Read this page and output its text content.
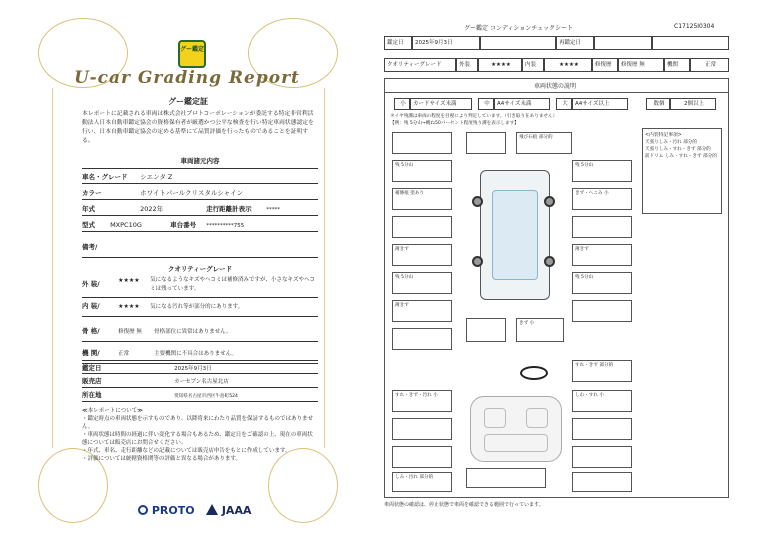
グー鑑定
U-car Grading Report
グー鑑定証
本レポートに記載される車両は株式会社プロトコーポレーションが委託する特定非営利活動法人日本自動車鑑定協会の資格保有者が厳選かつ公平な検査を行い特定車両状態認定を行い、日本自動車鑑定協会の定める基準にて品質評価を行ったものであることを証明する。
車両諸元内容
車名・グレード シエンタ Z
カラー	ホワイトパールクリスタルシャイン
年式	2022年	走行距離計表示	*****
型式 MXPC10G	車台番号 **********755
備考/
クオリティーグレード
外 装/	★★★★ 気になるようなキズやヘコミは補修済みですが、小さなキズやヘコミは残っています。
内 装/	★★★★ 気になる汚れ等が部分的にあります。
骨 格/	修復歴 無 骨格部位に異常はありません。
機 関/	正常	主要機関に不具合はありません。
鑑定日	2025年9月3日
販売店	カーセブン名古屋北店
所在地	愛知県名古屋市西区牛島町524
≪本レポートについて≫
・鑑定時点の車両状態を示すものであり、以降将来にわたり品質を保証するものではありません。
・車両状態は時間の経過に伴い変化する場合もあるため、鑑定日をご確認の上、現在の車両状態については販売店にお問合せください。
・年式、車名、走行距離などの記載については販売店申告をもとに作成しています。
・評価については統轄資格関等の評価と異なる場合があります。
PROTO	JAAA
グー鑑定 コンディションチェックシート	C17125I0304
鑑定日	2025年9月3日	再鑑定日
クオリティーグレード	外装	★★★★	内装	★★★★	修復歴	修復歴 無	機関	正常
車両状態の説明
小	カードサイズ未満	中	A4サイズ未満	大	A4サイズ以上	数個	2個以上
タイヤ残溝は車両の程度を目視により判定しています。（引き取り在ありません）
【例：残 5分山→概ね50パーセント程度残り溝を表示します】
<内装特記事項>
天張りしみ・汚れ 部分的
天張りしみ・すれ・きず 部分的
前ドリム しみ・すれ・きず 部分的
残 5分山
補修痕 塗あり
薄きず
残 5分山
薄きず
飛び石痕 部分的
残 5分山
きず・へこみ 小
薄きず
残 5分山
きず 小
すれ・きず 部分的
すれ・きず・汚れ 小	しわ・すれ 小
しみ・汚れ 部分的
車両状態の確認は、停止状態で車両を確認できる範囲で行っています。
